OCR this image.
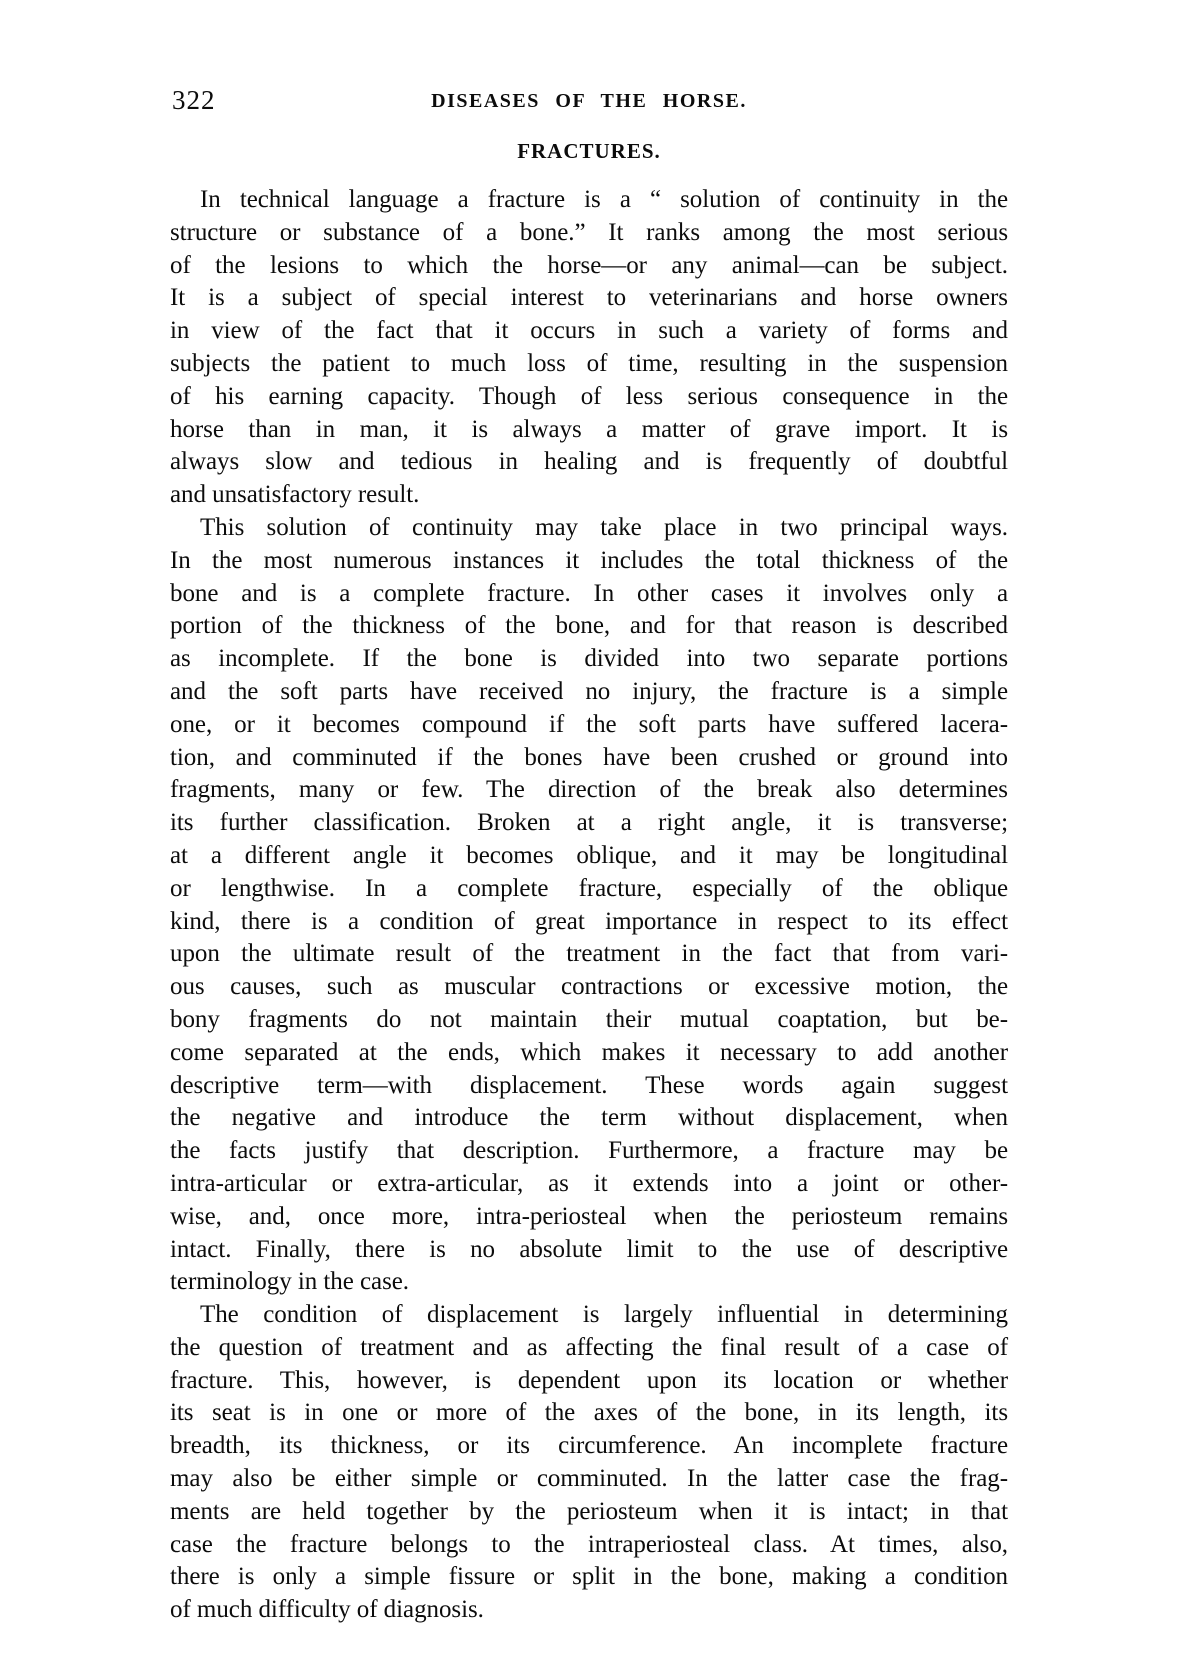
322	DISEASES OF THE HORSE.
FRACTURES.
In technical language a fracture is a “ solution of continuity in the
structure or substance of a bone.” It ranks among the most serious
of the lesions to which the horse—or any animal—can be subject.
It is a subject of special interest to veterinarians and horse owners
in view of the fact that it occurs in such a variety of forms and
subjects the patient to much loss of time, resulting in the suspension
of his earning capacity. Though of less serious consequence in the
horse than in man, it is always a matter of grave import. It is
always slow and tedious in healing and is frequently of doubtful
and unsatisfactory result.
This solution of continuity may take place in two principal ways.
In the most numerous instances it includes the total thickness of the
bone and is a complete fracture. In other cases it involves only a
portion of the thickness of the bone, and for that reason is described
as incomplete. If the bone is divided into two separate portions
and the soft parts have received no injury, the fracture is a simple
one, or it becomes compound if the soft parts have suffered lacera-
tion, and comminuted if the bones have been crushed or ground into
fragments, many or few. The direction of the break also determines
its further classification. Broken at a right angle, it is transverse;
at a different angle it becomes oblique, and it may be longitudinal
or lengthwise. In a complete fracture, especially of the oblique
kind, there is a condition of great importance in respect to its effect
upon the ultimate result of the treatment in the fact that from vari-
ous causes, such as muscular contractions or excessive motion, the
bony fragments do not maintain their mutual coaptation, but be-
come separated at the ends, which makes it necessary to add another
descriptive term—with displacement. These words again suggest
the negative and introduce the term without displacement, when
the facts justify that description. Furthermore, a fracture may be
intra-articular or extra-articular, as it extends into a joint or other-
wise, and, once more, intra-periosteal when the periosteum remains
intact. Finally, there is no absolute limit to the use of descriptive
terminology in the case.
The condition of displacement is largely influential in determining
the question of treatment and as affecting the final result of a case of
fracture. This, however, is dependent upon its location or whether
its seat is in one or more of the axes of the bone, in its length, its
breadth, its thickness, or its circumference. An incomplete fracture
may also be either simple or comminuted. In the latter case the frag-
ments are held together by the periosteum when it is intact; in that
case the fracture belongs to the intraperiosteal class. At times, also,
there is only a simple fissure or split in the bone, making a condition
of much difficulty of diagnosis.
